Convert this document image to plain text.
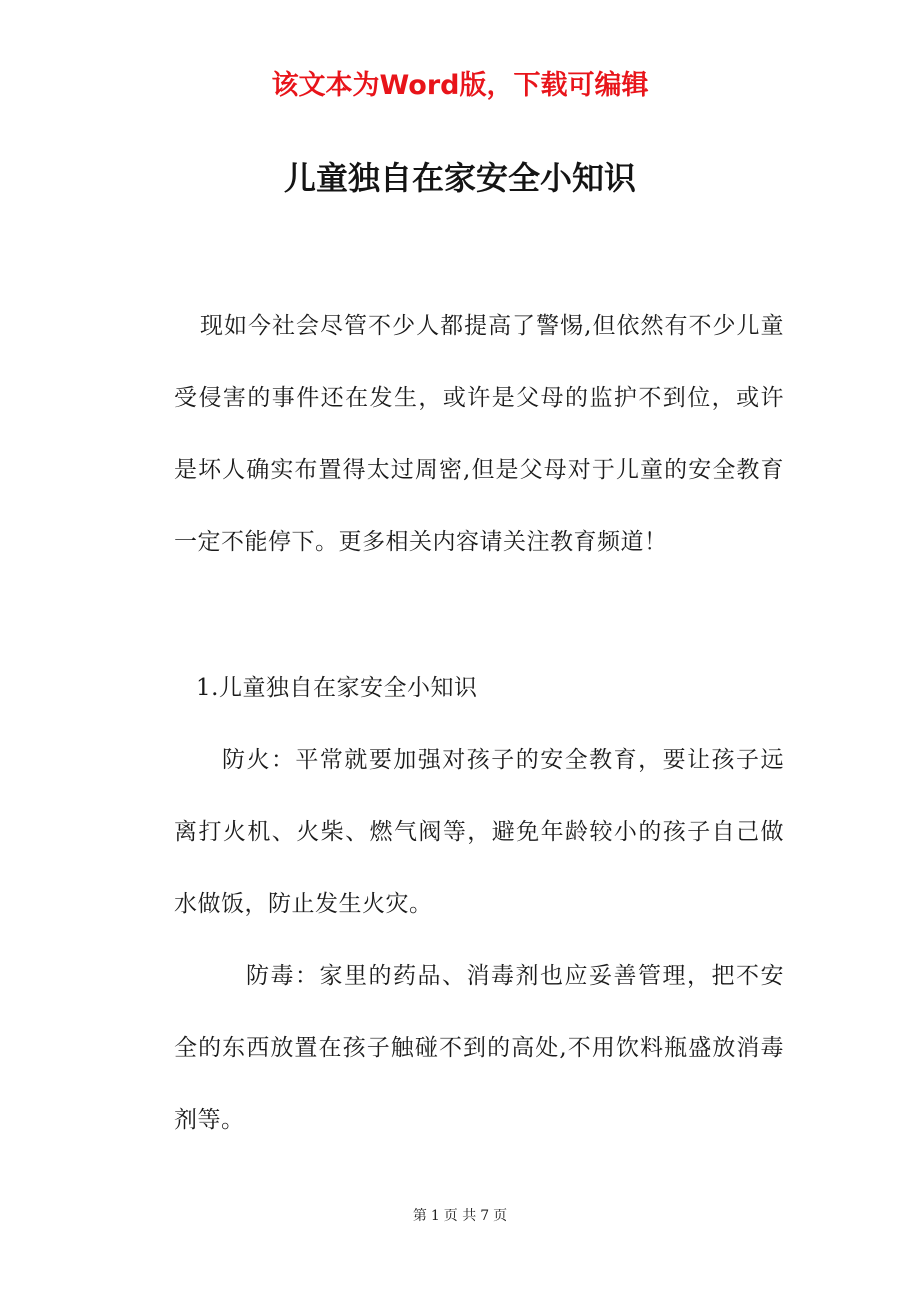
该文本为Word版，下载可编辑
儿童独自在家安全小知识

现如今社会尽管不少人都提高了警惕,但依然有不少儿童受侵害的事件还在发生，或许是父母的监护不到位，或许是坏人确实布置得太过周密,但是父母对于儿童的安全教育一定不能停下。更多相关内容请关注教育频道！

1.儿童独自在家安全小知识

防火：平常就要加强对孩子的安全教育，要让孩子远离打火机、火柴、燃气阀等，避免年龄较小的孩子自己做水做饭，防止发生火灾。

防毒：家里的药品、消毒剂也应妥善管理，把不安全的东西放置在孩子触碰不到的高处,不用饮料瓶盛放消毒剂等。

第 1 页 共 7 页
